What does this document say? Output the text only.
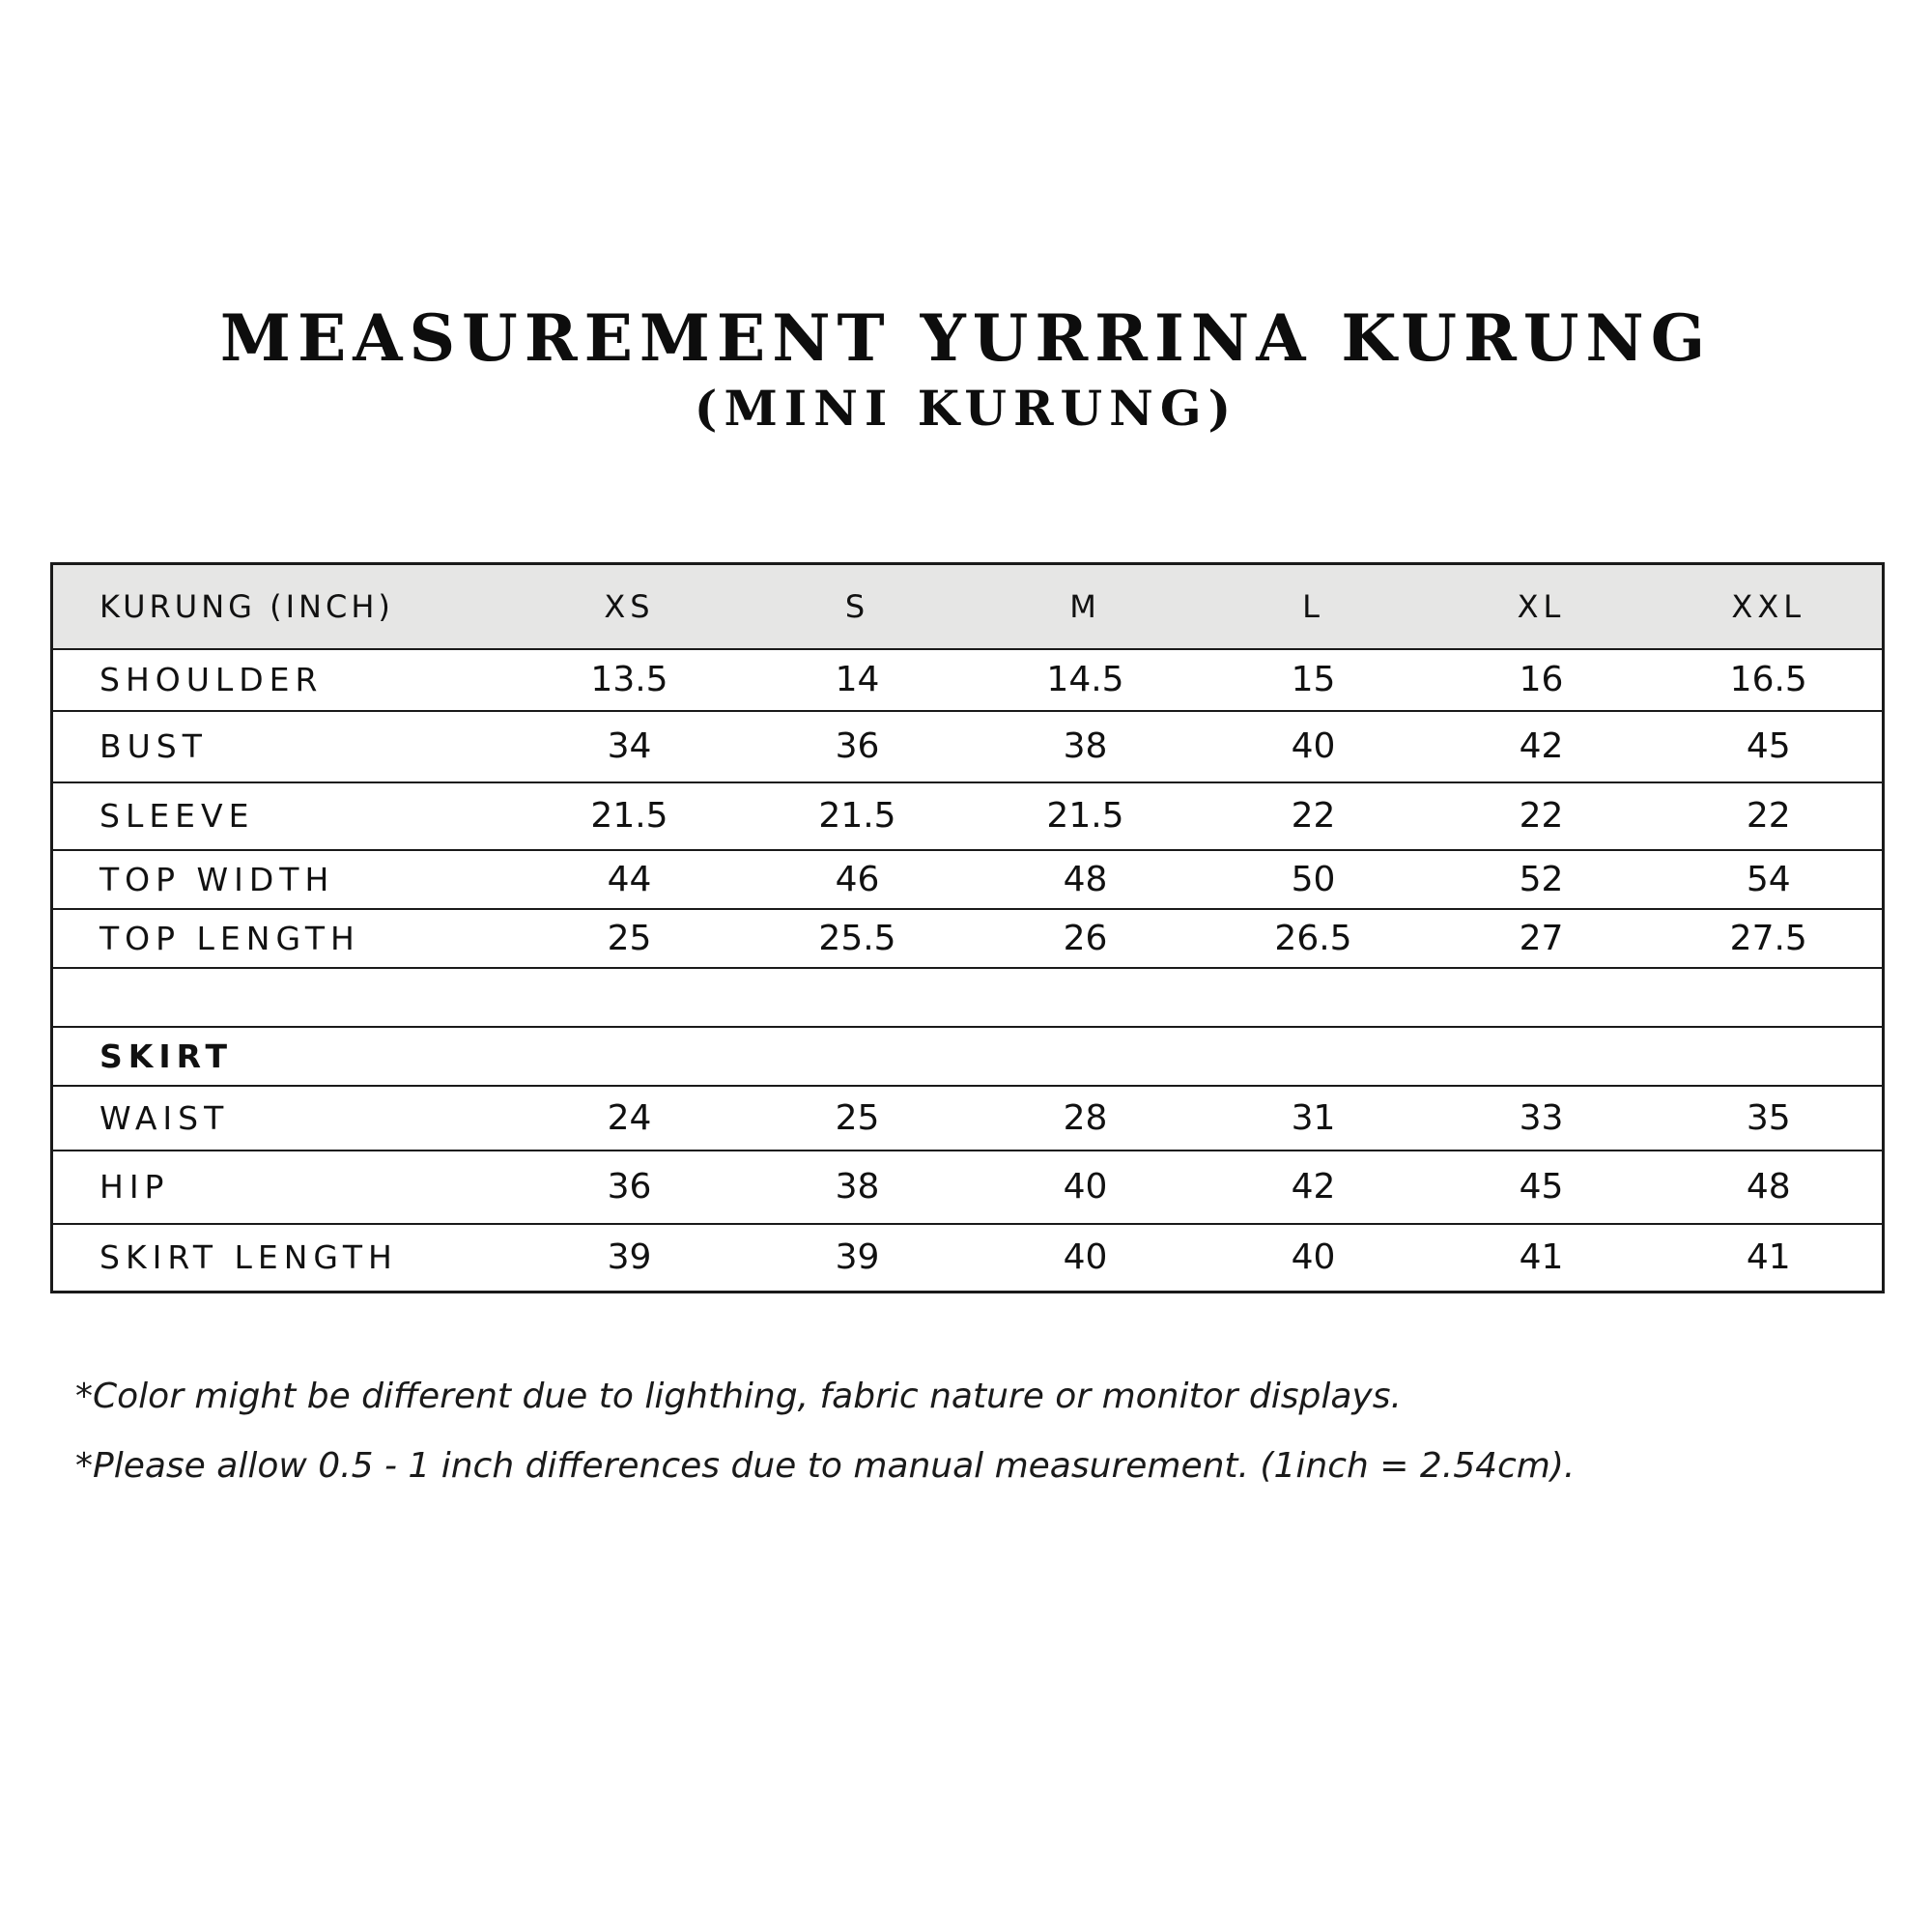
MEASUREMENT YURRINA KURUNG
(MINI KURUNG)
KURUNG (INCH)	XS	S	M	L	XL	XXL
SHOULDER	13.5	14	14.5	15	16	16.5
BUST	34	36	38	40	42	45
SLEEVE	21.5	21.5	21.5	22	22	22
TOP WIDTH	44	46	48	50	52	54
TOP LENGTH	25	25.5	26	26.5	27	27.5

SKIRT						
WAIST	24	25	28	31	33	35
HIP	36	38	40	42	45	48
SKIRT LENGTH	39	39	40	40	41	41

*Color might be different due to lighthing, fabric nature or monitor displays.

*Please allow 0.5 - 1 inch differences due to manual measurement. (1inch = 2.54cm).
